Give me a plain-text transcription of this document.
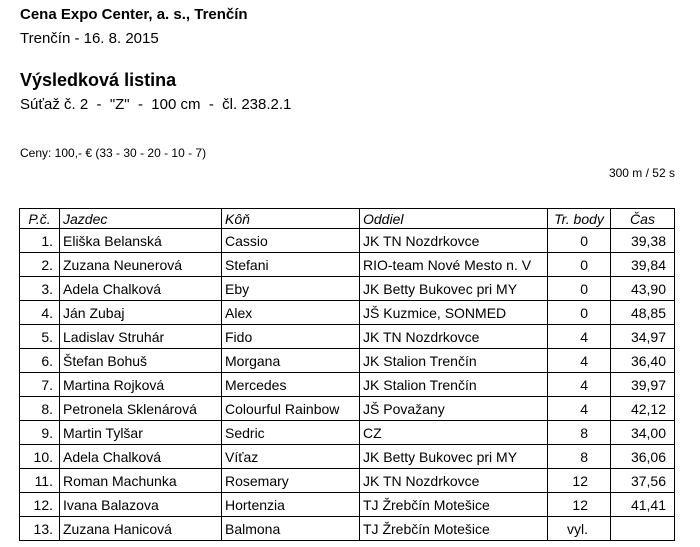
Cena Expo Center, a. s., Trenčín
Trenčín - 16. 8. 2015
Výsledková listina
Súťaž č. 2  -  "Z"  -  100 cm  -  čl. 238.2.1
Ceny: 100,- € (33 - 30 - 20 - 10 - 7)
300 m / 52 s
P.č.	Jazdec	Kôň	Oddiel	Tr. body	Čas
1.	Eliška Belanská	Cassio	JK TN Nozdrkovce	0	39,38
2.	Zuzana Neunerová	Stefani	RIO-team Nové Mesto n. V	0	39,84
3.	Adela Chalková	Eby	JK Betty Bukovec pri MY	0	43,90
4.	Ján Zubaj	Alex	JŠ Kuzmice, SONMED	0	48,85
5.	Ladislav Struhár	Fido	JK TN Nozdrkovce	4	34,97
6.	Štefan Bohuš	Morgana	JK Stalion Trenčín	4	36,40
7.	Martina Rojková	Mercedes	JK Stalion Trenčín	4	39,97
8.	Petronela Sklenárová	Colourful Rainbow	JŠ Považany	4	42,12
9.	Martin Tylšar	Sedric	CZ	8	34,00
10.	Adela Chalková	Víťaz	JK Betty Bukovec pri MY	8	36,06
11.	Roman Machunka	Rosemary	JK TN Nozdrkovce	12	37,56
12.	Ivana Balazova	Hortenzia	TJ Žrebčín Motešice	12	41,41
13.	Zuzana Hanicová	Balmona	TJ Žrebčín Motešice	vyl.	
